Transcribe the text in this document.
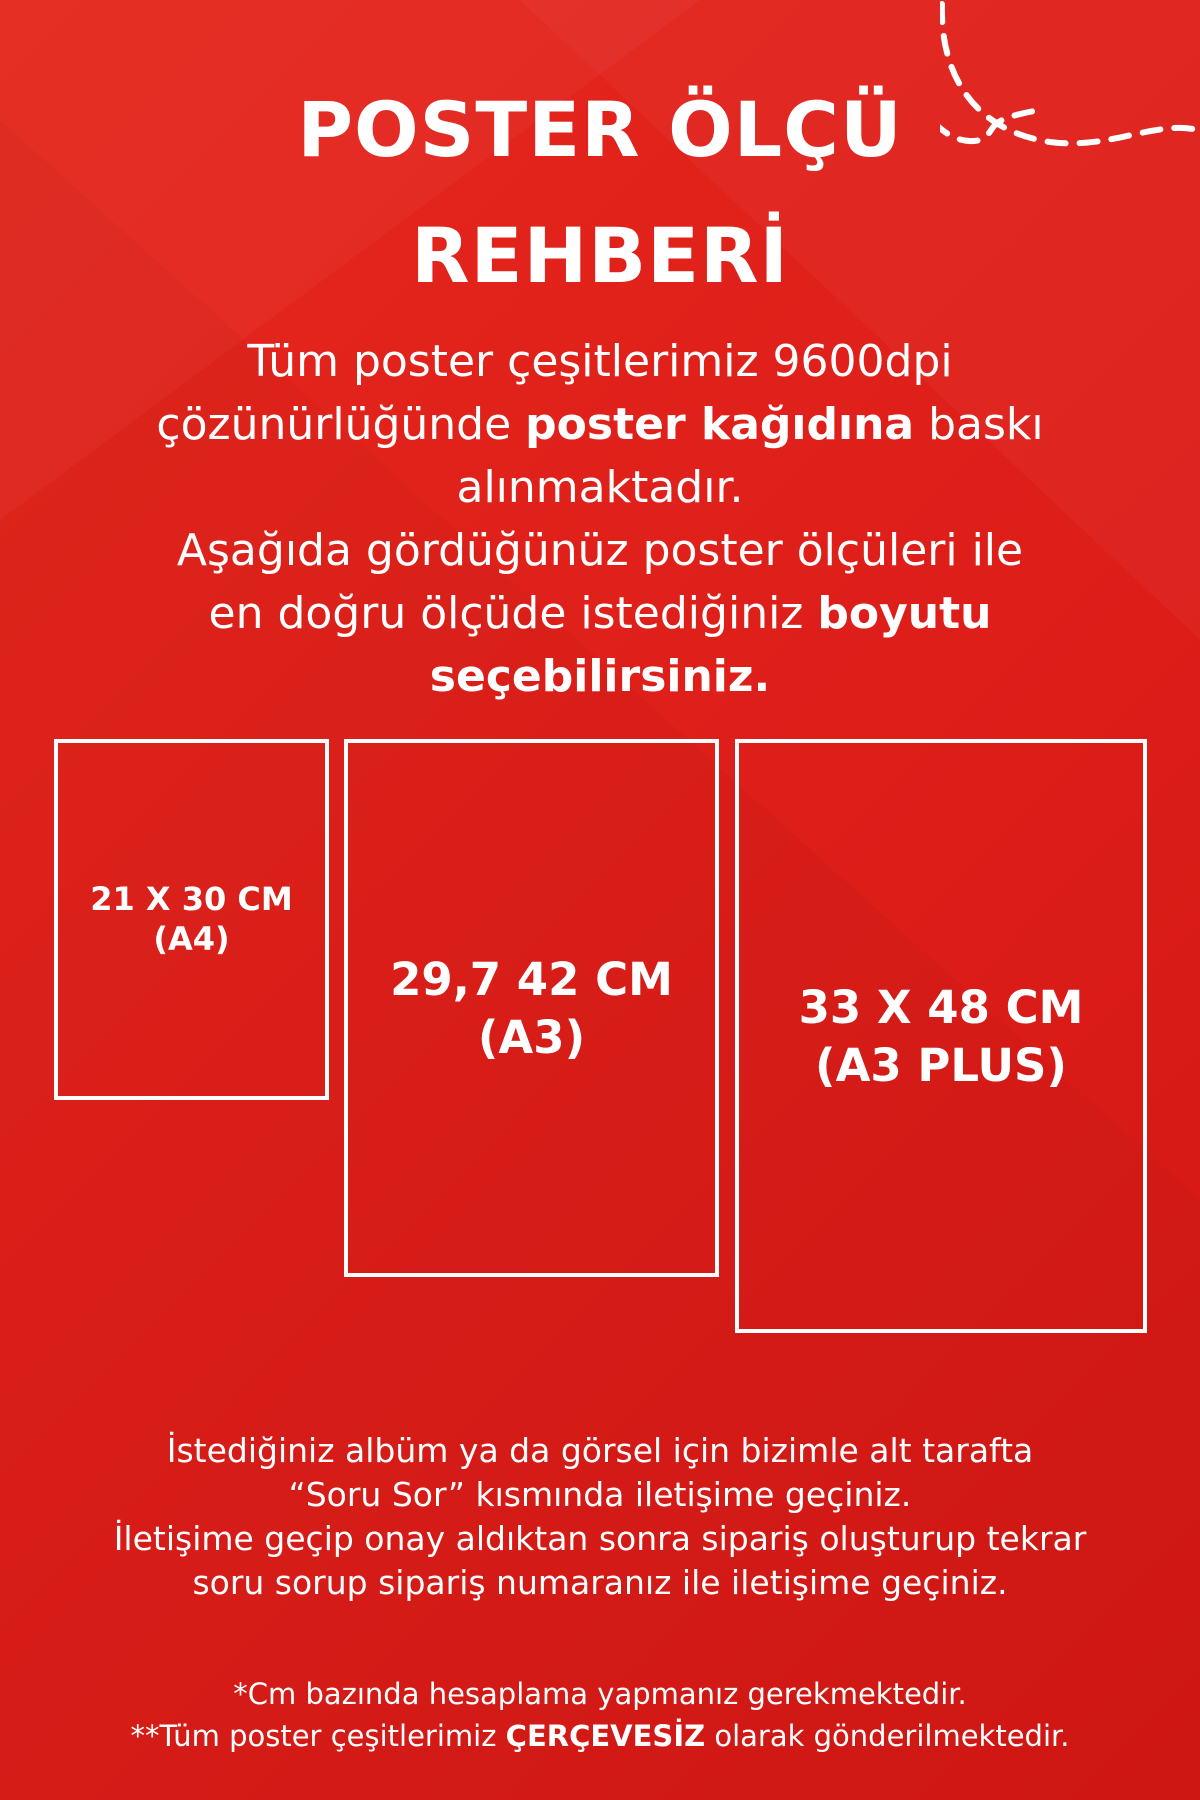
POSTER ÖLÇÜ
REHBERİ
Tüm poster çeşitlerimiz 9600dpi
çözünürlüğünde poster kağıdına baskı
alınmaktadır.
Aşağıda gördüğünüz poster ölçüleri ile
en doğru ölçüde istediğiniz boyutu
seçebilirsiniz.
21 X 30 CM
(A4)
29,7 42 CM
(A3)
33 X 48 CM
(A3 PLUS)
İstediğiniz albüm ya da görsel için bizimle alt tarafta
“Soru Sor” kısmında iletişime geçiniz.
İletişime geçip onay aldıktan sonra sipariş oluşturup tekrar
soru sorup sipariş numaranız ile iletişime geçiniz.
*Cm bazında hesaplama yapmanız gerekmektedir.
**Tüm poster çeşitlerimiz ÇERÇEVESİZ olarak gönderilmektedir.
